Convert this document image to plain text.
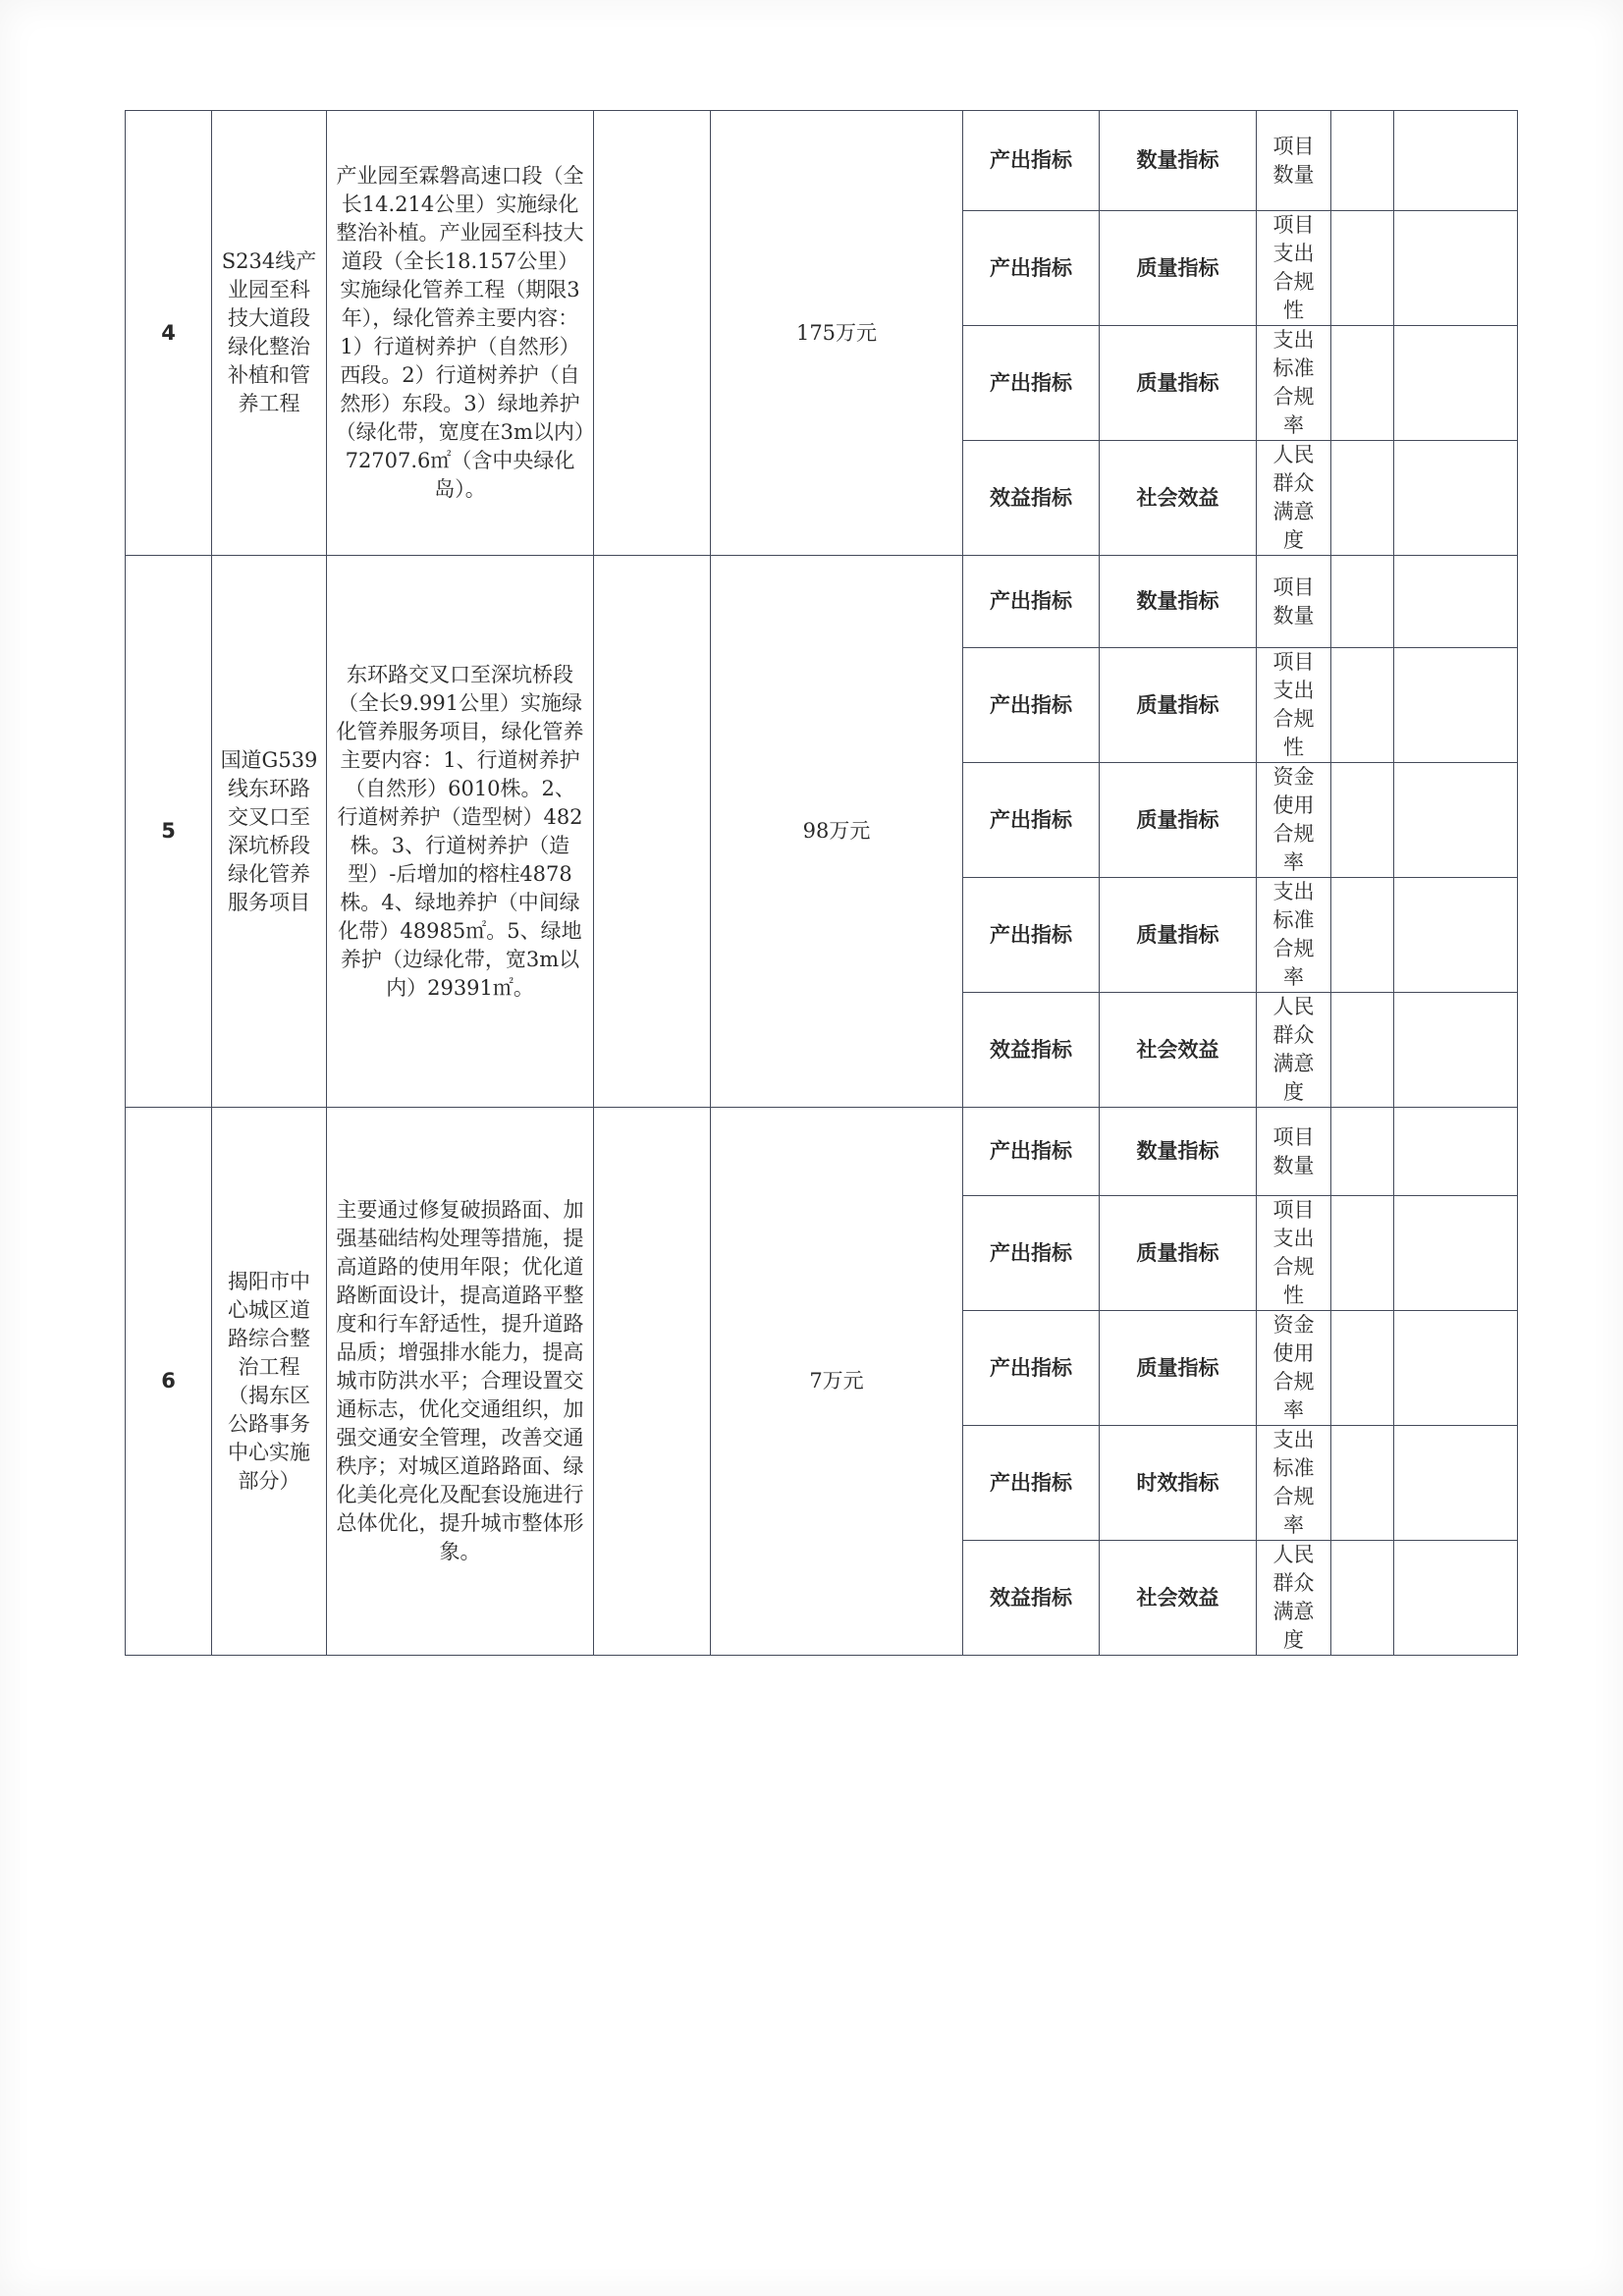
4	S234线产业园至科技大道段绿化整治补植和管养工程	产业园至霖磐高速口段（全长14.214公里）实施绿化整治补植。产业园至科技大道段（全长18.157公里）实施绿化管养工程（期限3年），绿化管养主要内容：1）行道树养护（自然形）西段。2）行道树养护（自然形）东段。3）绿地养护（绿化带，宽度在3m以内）72707.6㎡（含中央绿化岛）。		175万元	产出指标	数量指标	项目数量			
					产出指标	质量指标	项目支出合规性			
					产出指标	质量指标	支出标准合规率			
					效益指标	社会效益	人民群众满意度			
5	国道G539线东环路交叉口至深坑桥段绿化管养服务项目	东环路交叉口至深坑桥段（全长9.991公里）实施绿化管养服务项目，绿化管养主要内容：1、行道树养护（自然形）6010株。2、行道树养护（造型树）482株。3、行道树养护（造型）-后增加的榕柱4878株。4、绿地养护（中间绿化带）48985㎡。5、绿地养护（边绿化带，宽3m以内）29391㎡。		98万元	产出指标	数量指标	项目数量			
					产出指标	质量指标	项目支出合规性			
					产出指标	质量指标	资金使用合规率			
					产出指标	质量指标	支出标准合规率			
					效益指标	社会效益	人民群众满意度			
6	揭阳市中心城区道路综合整治工程（揭东区公路事务中心实施部分）	主要通过修复破损路面、加强基础结构处理等措施，提高道路的使用年限；优化道路断面设计，提高道路平整度和行车舒适性，提升道路品质；增强排水能力，提高城市防洪水平；合理设置交通标志，优化交通组织，加强交通安全管理，改善交通秩序；对城区道路路面、绿化美化亮化及配套设施进行总体优化，提升城市整体形象。		7万元	产出指标	数量指标	项目数量			
					产出指标	质量指标	项目支出合规性			
					产出指标	质量指标	资金使用合规率			
					产出指标	时效指标	支出标准合规率			
					效益指标	社会效益	人民群众满意度			
